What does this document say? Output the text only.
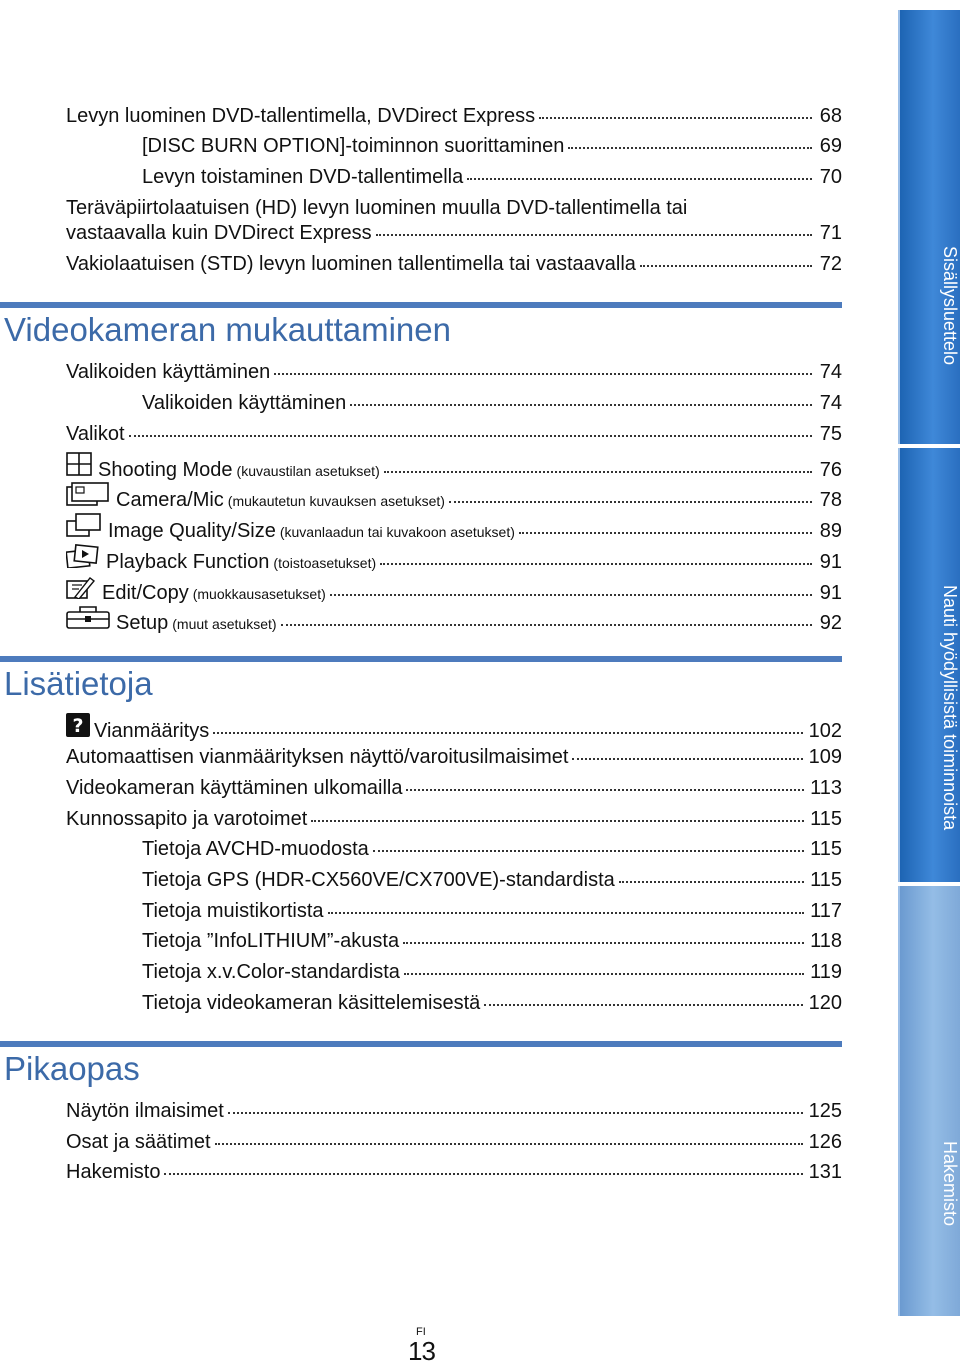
Levyn luominen DVD-tallentimella, DVDirect Express	68
[DISC BURN OPTION]-toiminnon suorittaminen	69
Levyn toistaminen DVD-tallentimella	70
Teräväpiirtolaatuisen (HD) levyn luominen muulla DVD-tallentimella tai
vastaavalla kuin DVDirect Express	71
Vakiolaatuisen (STD) levyn luominen tallentimella tai vastaavalla	72
Videokameran mukauttaminen
Valikoiden käyttäminen	74
Valikoiden käyttäminen	74
Valikot	75
Shooting Mode (kuvaustilan asetukset)	76
Camera/Mic (mukautetun kuvauksen asetukset)	78
Image Quality/Size (kuvanlaadun tai kuvakoon asetukset)	89
Playback Function (toistoasetukset)	91
Edit/Copy (muokkausasetukset)	91
Setup (muut asetukset)	92
Lisätietoja
? Vianmääritys	102
Automaattisen vianmäärityksen näyttö/varoitusilmaisimet	109
Videokameran käyttäminen ulkomailla	113
Kunnossapito ja varotoimet	115
Tietoja AVCHD-muodosta	115
Tietoja GPS (HDR-CX560VE/CX700VE)-standardista	115
Tietoja muistikortista	117
Tietoja ”InfoLITHIUM”-akusta	118
Tietoja x.v.Color-standardista	119
Tietoja videokameran käsittelemisestä	120
Pikaopas
Näytön ilmaisimet	125
Osat ja säätimet	126
Hakemisto	131
Sisällysluettelo
Nauti hyödyllisistä toiminnoista
Hakemisto
FI
13
